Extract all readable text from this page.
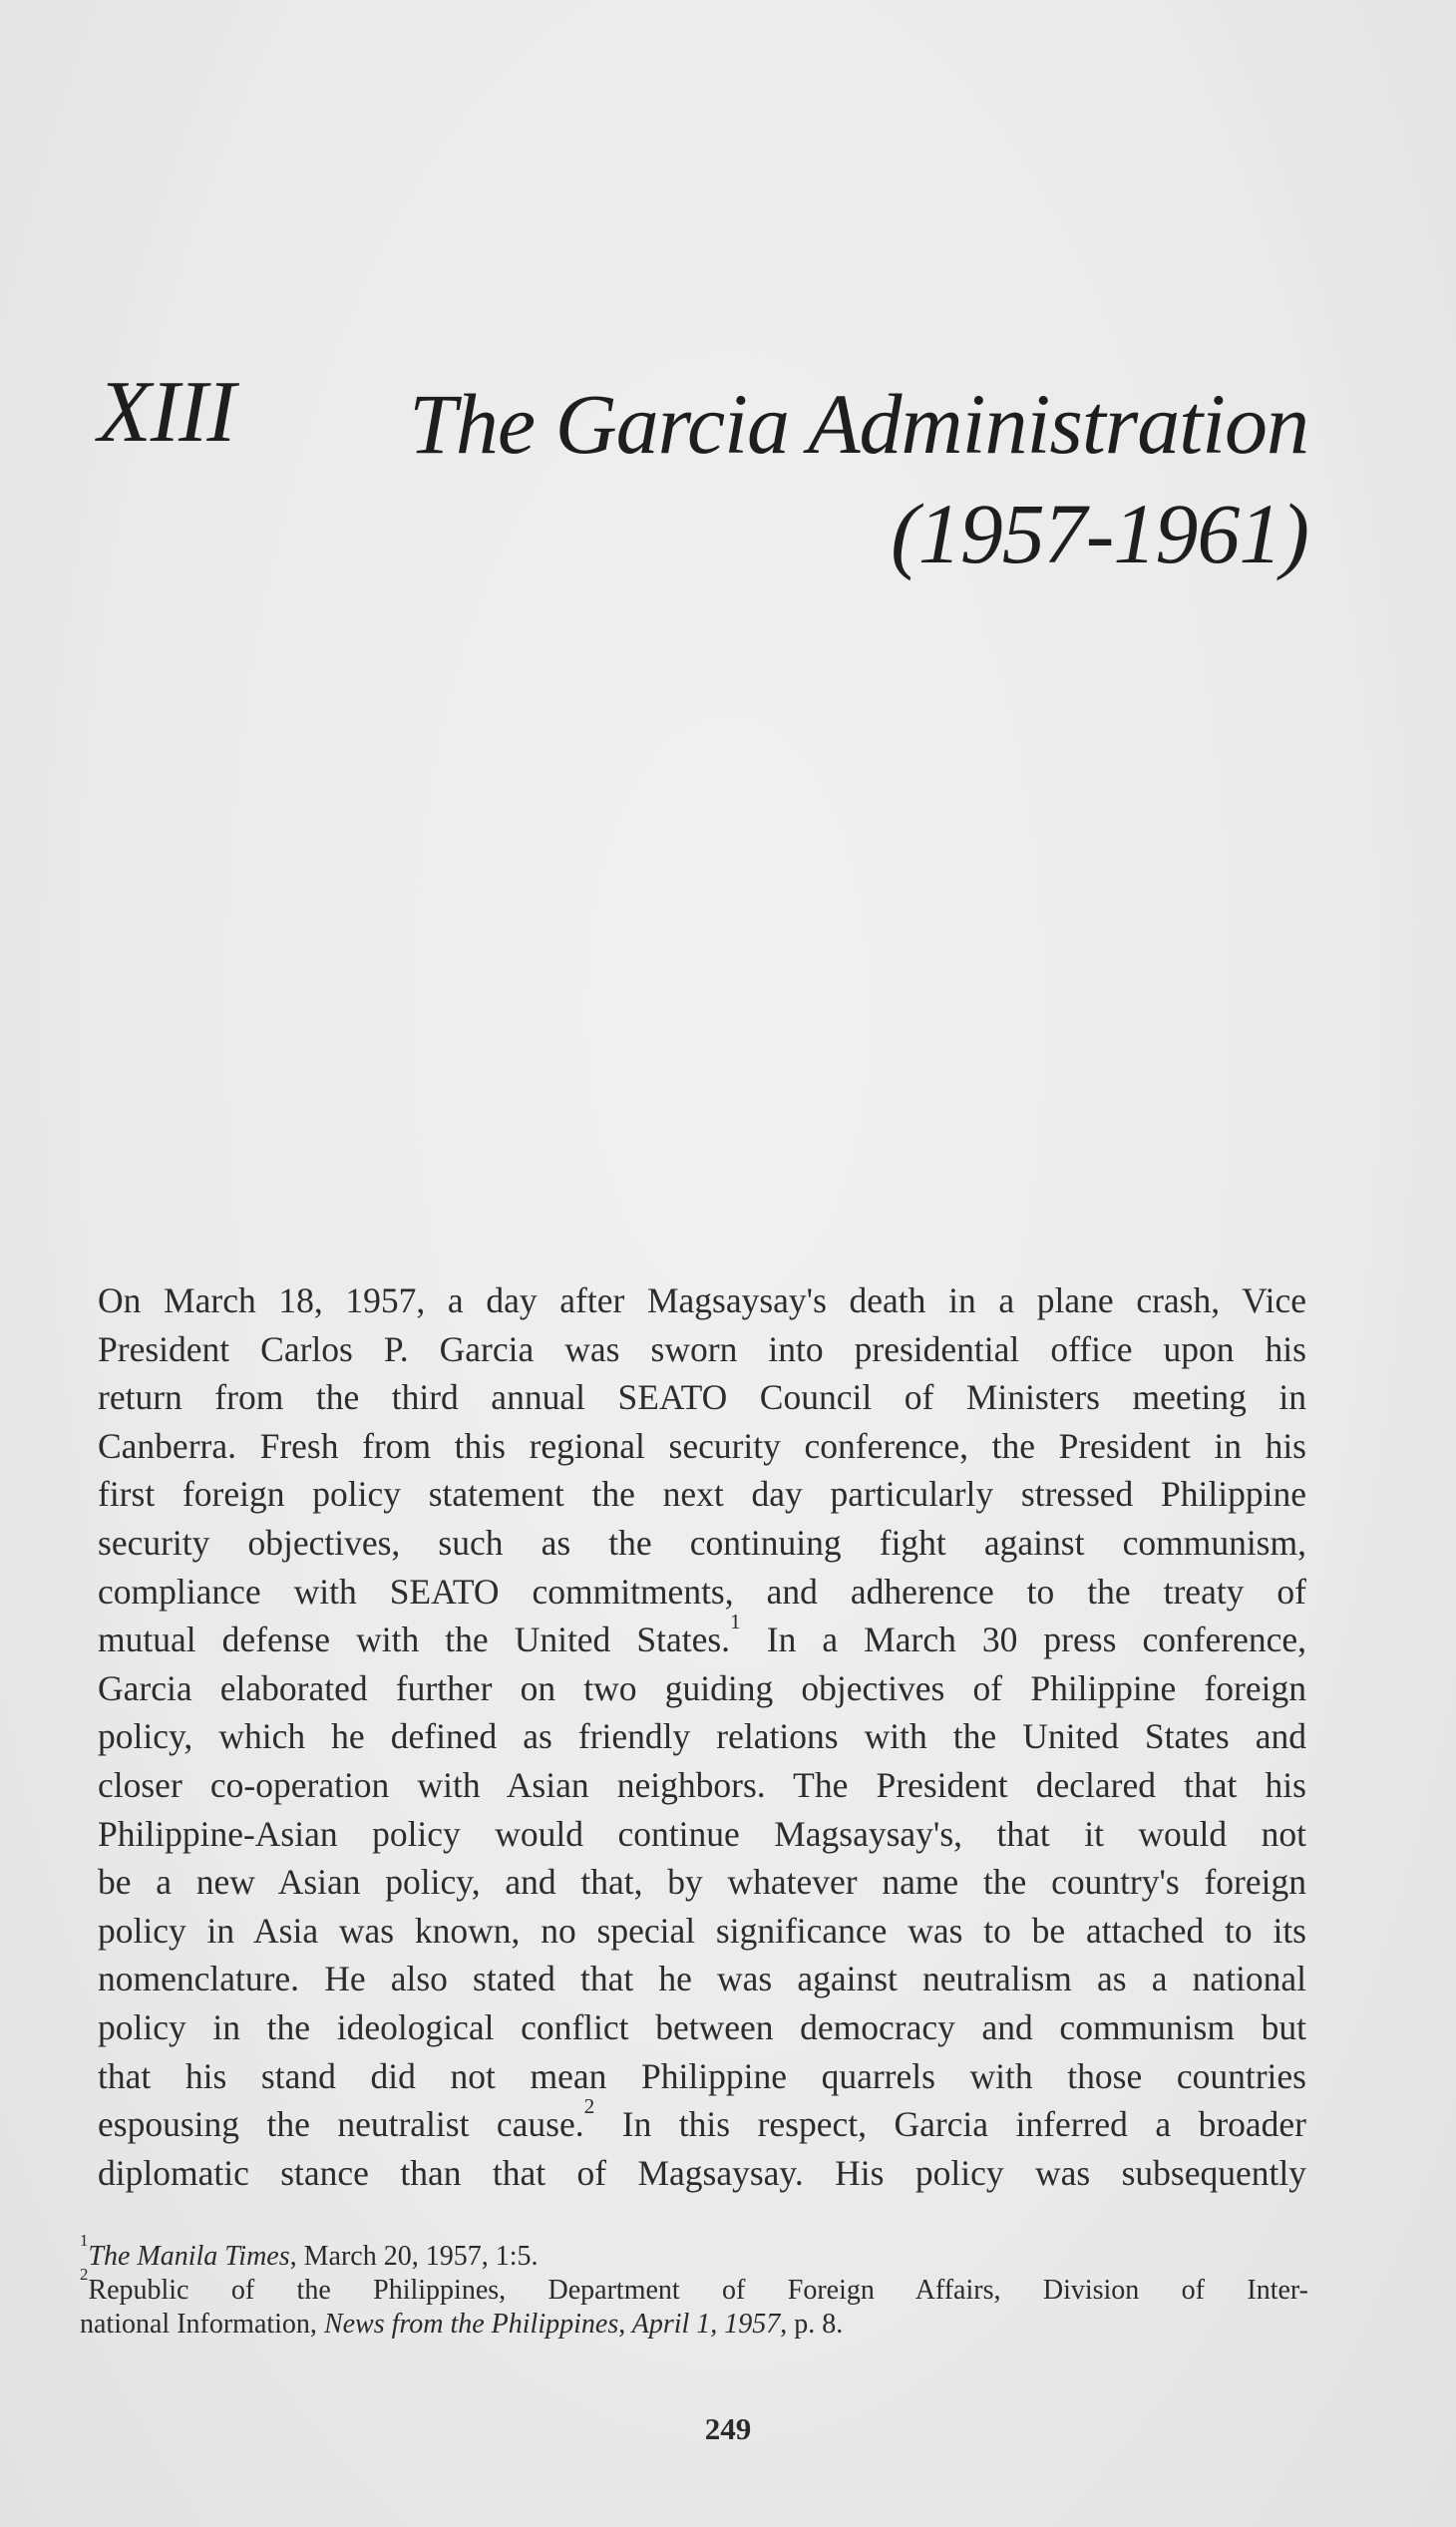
XIII The Garcia Administration
(1957-1961)
On March 18, 1957, a day after Magsaysay's death in a plane crash, Vice
President Carlos P. Garcia was sworn into presidential office upon his
return from the third annual SEATO Council of Ministers meeting in
Canberra. Fresh from this regional security conference, the President in his
first foreign policy statement the next day particularly stressed Philippine
security objectives, such as the continuing fight against communism,
compliance with SEATO commitments, and adherence to the treaty of
mutual defense with the United States.$^1$ In a March 30 press conference,
Garcia elaborated further on two guiding objectives of Philippine foreign
policy, which he defined as friendly relations with the United States and
closer co-operation with Asian neighbors. The President declared that his
Philippine-Asian policy would continue Magsaysay's, that it would not
be a new Asian policy, and that, by whatever name the country's foreign
policy in Asia was known, no special significance was to be attached to its
nomenclature. He also stated that he was against neutralism as a national
policy in the ideological conflict between democracy and communism but
that his stand did not mean Philippine quarrels with those countries
espousing the neutralist cause.$^2$ In this respect, Garcia inferred a broader
diplomatic stance than that of Magsaysay. His policy was subsequently
$^1$The Manila Times, March 20, 1957, 1:5.
$^2$Republic of the Philippines, Department of Foreign Affairs, Division of Inter-
national Information, News from the Philippines, April 1, 1957, p. 8.
249
